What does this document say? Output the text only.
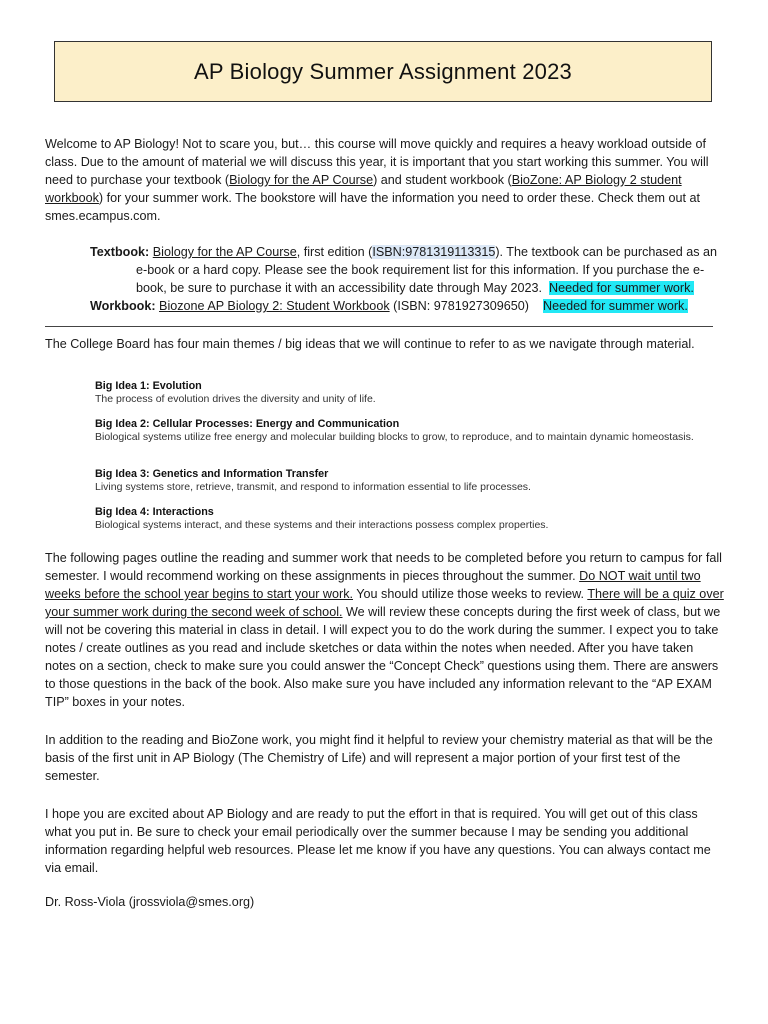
AP Biology Summer Assignment 2023
Welcome to AP Biology! Not to scare you, but… this course will move quickly and requires a heavy workload outside of class. Due to the amount of material we will discuss this year, it is important that you start working this summer. You will need to purchase your textbook (Biology for the AP Course) and student workbook (BioZone: AP Biology 2 student workbook) for your summer work. The bookstore will have the information you need to order these. Check them out at smes.ecampus.com.
Textbook: Biology for the AP Course, first edition (ISBN:9781319113315). The textbook can be purchased as an
e-book or a hard copy. Please see the book requirement list for this information. If you purchase the e-
book, be sure to purchase it with an accessibility date through May 2023. Needed for summer work.
Workbook: Biozone AP Biology 2: Student Workbook (ISBN: 9781927309650) Needed for summer work.
The College Board has four main themes / big ideas that we will continue to refer to as we navigate through material.
Big Idea 1: Evolution
The process of evolution drives the diversity and unity of life.
Big Idea 2: Cellular Processes: Energy and Communication
Biological systems utilize free energy and molecular building blocks to grow, to reproduce, and to maintain dynamic homeostasis.
Big Idea 3: Genetics and Information Transfer
Living systems store, retrieve, transmit, and respond to information essential to life processes.
Big Idea 4: Interactions
Biological systems interact, and these systems and their interactions possess complex properties.
The following pages outline the reading and summer work that needs to be completed before you return to campus for fall semester. I would recommend working on these assignments in pieces throughout the summer. Do NOT wait until two weeks before the school year begins to start your work. You should utilize those weeks to review. There will be a quiz over your summer work during the second week of school. We will review these concepts during the first week of class, but we will not be covering this material in class in detail. I will expect you to do the work during the summer. I expect you to take notes / create outlines as you read and include sketches or data within the notes when needed. After you have taken notes on a section, check to make sure you could answer the “Concept Check” questions using them. There are answers to those questions in the back of the book. Also make sure you have included any information relevant to the “AP EXAM TIP” boxes in your notes.
In addition to the reading and BioZone work, you might find it helpful to review your chemistry material as that will be the basis of the first unit in AP Biology (The Chemistry of Life) and will represent a major portion of your first test of the semester.
I hope you are excited about AP Biology and are ready to put the effort in that is required. You will get out of this class what you put in. Be sure to check your email periodically over the summer because I may be sending you additional information regarding helpful web resources. Please let me know if you have any questions. You can always contact me via email.
Dr. Ross-Viola (jrossviola@smes.org)
